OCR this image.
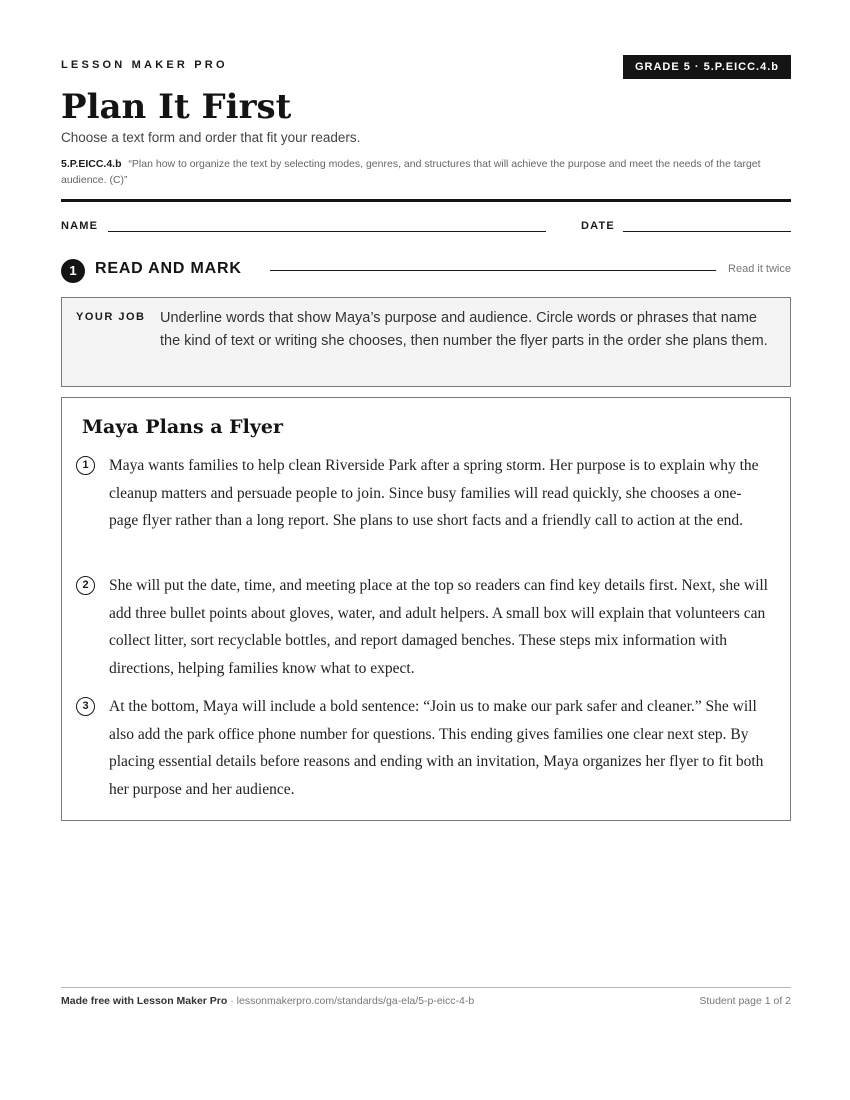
LESSON MAKER PRO	GRADE 5 · 5.P.EICC.4.b
Plan It First
Choose a text form and order that fit your readers.
5.P.EICC.4.b “Plan how to organize the text by selecting modes, genres, and structures that will achieve the purpose and meet the needs of the target audience. (C)”
NAME	DATE
1	READ AND MARK	Read it twice
YOUR JOB Underline words that show Maya’s purpose and audience. Circle words or phrases that name the kind of text or writing she chooses, then number the flyer parts in the order she plans them.
Maya Plans a Flyer
1	Maya wants families to help clean Riverside Park after a spring storm. Her purpose is to explain why the cleanup matters and persuade people to join. Since busy families will read quickly, she chooses a one-page flyer rather than a long report. She plans to use short facts and a friendly call to action at the end.
2	She will put the date, time, and meeting place at the top so readers can find key details first. Next, she will add three bullet points about gloves, water, and adult helpers. A small box will explain that volunteers can collect litter, sort recyclable bottles, and report damaged benches. These steps mix information with directions, helping families know what to expect.
3	At the bottom, Maya will include a bold sentence: “Join us to make our park safer and cleaner.” She will also add the park office phone number for questions. This ending gives families one clear next step. By placing essential details before reasons and ending with an invitation, Maya organizes her flyer to fit both her purpose and her audience.
Made free with Lesson Maker Pro · lessonmakerpro.com/standards/ga-ela/5-p-eicc-4-b	Student page 1 of 2
